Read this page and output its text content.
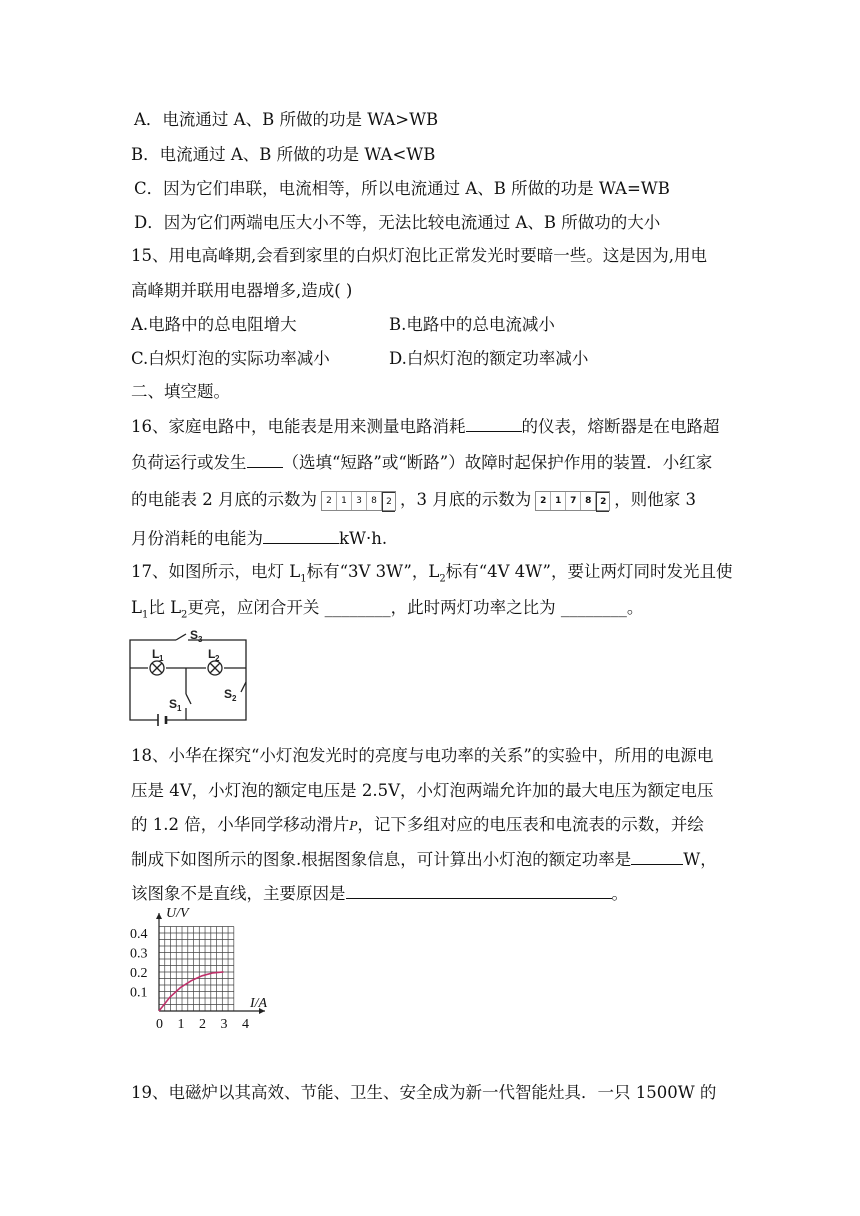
A．电流通过 A、B 所做的功是 WA>WB
B．电流通过 A、B 所做的功是 WA<WB
C．因为它们串联，电流相等，所以电流通过 A、B 所做的功是 WA=WB
D．因为它们两端电压大小不等，无法比较电流通过 A、B 所做功的大小
15、用电高峰期,会看到家里的白炽灯泡比正常发光时要暗一些。这是因为,用电
高峰期并联用电器增多,造成( )
A.电路中的总电阻增大	B.电路中的总电流减小
C.白炽灯泡的实际功率减小	D.白炽灯泡的额定功率减小
二、填空题。
16、家庭电路中，电能表是用来测量电路消耗	的仪表，熔断器是在电路超
负荷运行或发生 （选填“短路”或“断路”）故障时起保护作用的装置．小红家
的电能表 2 月底的示数为	2	1	3	8	2 ，3 月底的示数为 2 1 7 8 2 ，则他家 3
月份消耗的电能为	kW·h.
17、如图所示，电灯 $L_1$标有“3V 3W”，$L_2$标有“4V 4W”，要让两灯同时发光且使
$L_1$比 $L_2$更亮，应闭合开关 ________，此时两灯功率之比为 ________。
S 3
L 1	L 2
S 1
S 2
18、小华在探究“小灯泡发光时的亮度与电功率的关系”的实验中，所用的电源电
压是 4V，小灯泡的额定电压是 2.5V，小灯泡两端允许加的最大电压为额定电压
的 1.2 倍，小华同学移动滑片P，记下多组对应的电压表和电流表的示数，并绘
制成下如图所示的图象.根据图象信息，可计算出小灯泡的额定功率是	W，
该图象不是直线，主要原因是	。
0 1 2 3 4
0.1
0.2
0.3
0.4
U/V
I/A
19、电磁炉以其高效、节能、卫生、安全成为新一代智能灶具．一只 1500W 的
